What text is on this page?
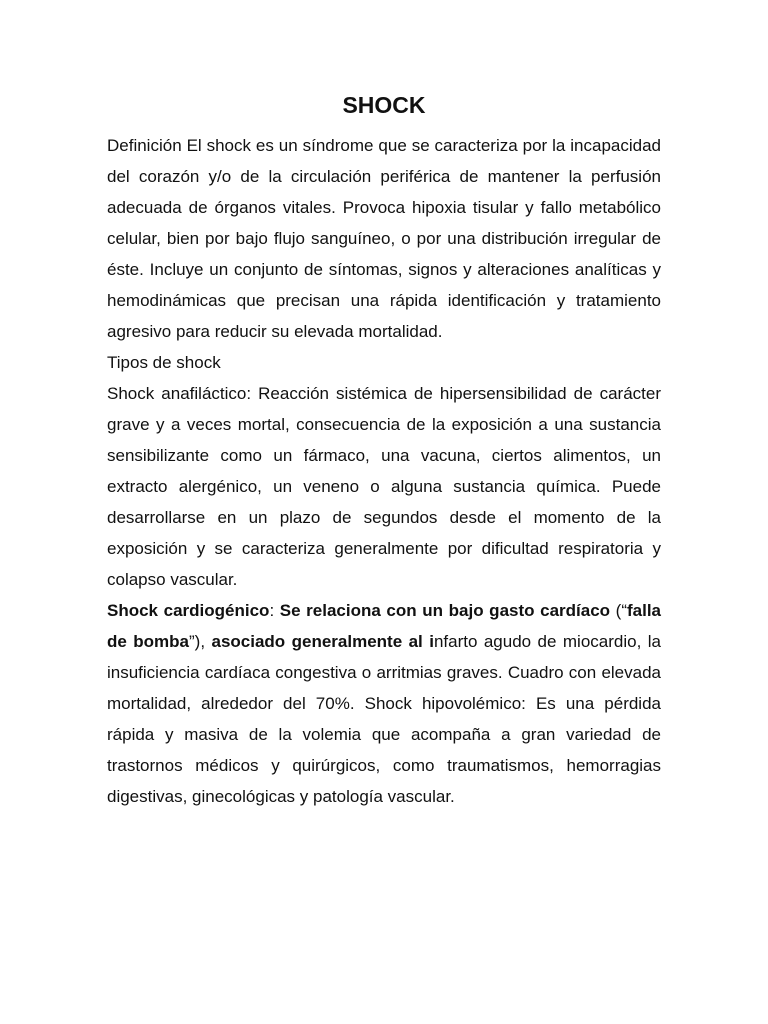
SHOCK

Definición El shock es un síndrome que se caracteriza por la incapacidad del corazón y/o de la circulación periférica de mantener la perfusión adecuada de órganos vitales. Provoca hipoxia tisular y fallo metabólico celular, bien por bajo flujo sanguíneo, o por una distribución irregular de éste. Incluye un conjunto de síntomas, signos y alteraciones analíticas y hemodinámicas que precisan una rápida identificación y tratamiento agresivo para reducir su elevada mortalidad.

Tipos de shock

Shock anafiláctico: Reacción sistémica de hipersensibilidad de carácter grave y a veces mortal, consecuencia de la exposición a una sustancia sensibilizante como un fármaco, una vacuna, ciertos alimentos, un extracto alergénico, un veneno o alguna sustancia química. Puede desarrollarse en un plazo de segundos desde el momento de la exposición y se caracteriza generalmente por dificultad respiratoria y colapso vascular.

Shock cardiogénico: Se relaciona con un bajo gasto cardíaco (“falla de bomba”), asociado generalmente al infarto agudo de miocardio, la insuficiencia cardíaca congestiva o arritmias graves. Cuadro con elevada mortalidad, alrededor del 70%. Shock hipovolémico: Es una pérdida rápida y masiva de la volemia que acompaña a gran variedad de trastornos médicos y quirúrgicos, como traumatismos, hemorragias digestivas, ginecológicas y patología vascular.
